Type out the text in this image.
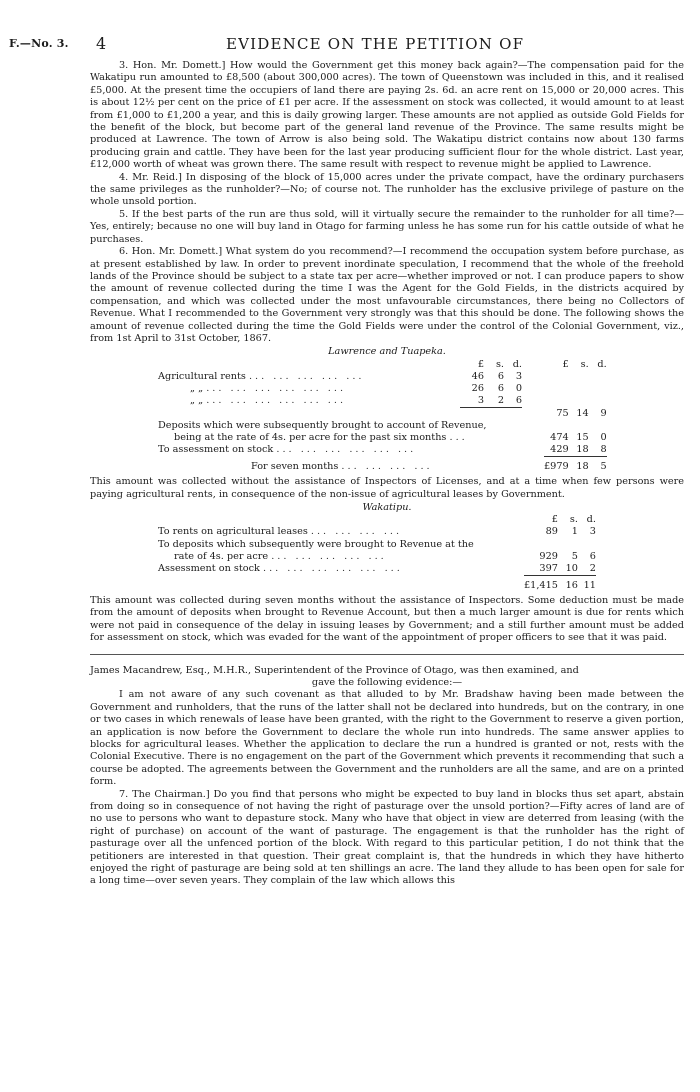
F.—No. 3. 4	EVIDENCE ON THE PETITION OF

3. Hon. Mr. Domett.] How would the Government get this money back again?—The compensation paid for the Wakatipu run amounted to £8,500 (about 300,000 acres). The town of Queenstown was included in this, and it realised £5,000. At the present time the occupiers of land there are paying 2s. 6d. an acre rent on 15,000 or 20,000 acres. This is about 12½ per cent on the price of £1 per acre. If the assessment on stock was collected, it would amount to at least from £1,000 to £1,200 a year, and this is daily growing larger. These amounts are not applied as outside Gold Fields for the benefit of the block, but become part of the general land revenue of the Province. The same results might be produced at Lawrence. The town of Arrow is also being sold. The Wakatipu district contains now about 130 farms producing grain and cattle. They have been for the last year producing sufficient flour for the whole district. Last year, £12,000 worth of wheat was grown there. The same result with respect to revenue might be applied to Lawrence.

4. Mr. Reid.] In disposing of the block of 15,000 acres under the private compact, have the ordinary purchasers the same privileges as the runholder?—No; of course not. The runholder has the exclusive privilege of pasture on the whole unsold portion.

5. If the best parts of the run are thus sold, will it virtually secure the remainder to the runholder for all time?—Yes, entirely; because no one will buy land in Otago for farming unless he has some run for his cattle outside of what he purchases.

6. Hon. Mr. Domett.] What system do you recommend?—I recommend the occupation system before purchase, as at present established by law. In order to prevent inordinate speculation, I recommend that the whole of the freehold lands of the Province should be subject to a state tax per acre—whether improved or not. I can produce papers to show the amount of revenue collected during the time I was the Agent for the Gold Fields, in the districts acquired by compensation, and which was collected under the most unfavourable circumstances, there being no Collectors of Revenue. What I recommended to the Government very strongly was that this should be done. The following shows the amount of revenue collected during the time the Gold Fields were under the control of the Colonial Government, viz., from 1st April to 31st October, 1867.

Lawrence and Tuapeka.
	£	s.	d.		£	s.	d.
Agricultural rents ... ... ... ... ...	46	6	3				
„ „ ... ... ... ... ... ...	26	6	0				
„ „ ... ... ... ... ... ...	3	2	6				
					75	14	9
Deposits which were subsequently brought to account of Revenue,							
being at the rate of 4s. per acre for the past six months ...					474	15	0
To assessment on stock ... ... ... ... ... ...					429	18	8
For seven months ... ... ... ...					£979	18	5

This amount was collected without the assistance of Inspectors of Licenses, and at a time when few persons were paying agricultural rents, in consequence of the non-issue of agricultural leases by Government.

Wakatipu.
	£	s.	d.
To rents on agricultural leases ... ... ... ...	89	1	3
To deposits which subsequently were brought to Revenue at the			
rate of 4s. per acre ... ... ... ... ...	929	5	6
Assessment on stock ... ... ... ... ... ...	397	10	2
	£1,415	16	11

This amount was collected during seven months without the assistance of Inspectors. Some deduction must be made from the amount of deposits when brought to Revenue Account, but then a much larger amount is due for rents which were not paid in consequence of the delay in issuing leases by Government; and a still further amount must be added for assessment on stock, which was evaded for the want of the appointment of proper officers to see that it was paid.

James Macandrew, Esq., M.H.R., Superintendent of the Province of Otago, was then examined, and

gave the following evidence:—

I am not aware of any such covenant as that alluded to by Mr. Bradshaw having been made between the Government and runholders, that the runs of the latter shall not be declared into hundreds, but on the contrary, in one or two cases in which renewals of lease have been granted, with the right to the Government to reserve a given portion, an application is now before the Government to declare the whole run into hundreds. The same answer applies to blocks for agricultural leases. Whether the application to declare the run a hundred is granted or not, rests with the Colonial Executive. There is no engagement on the part of the Government which prevents it recommending that such a course be adopted. The agreements between the Government and the runholders are all the same, and are on a printed form.

7. The Chairman.] Do you find that persons who might be expected to buy land in blocks thus set apart, abstain from doing so in consequence of not having the right of pasturage over the unsold portion?—Fifty acres of land are of no use to persons who want to depasture stock. Many who have that object in view are deterred from leasing (with the right of purchase) on account of the want of pasturage. The engagement is that the runholder has the right of pasturage over all the unfenced portion of the block. With regard to this particular petition, I do not think that the petitioners are interested in that question. Their great complaint is, that the hundreds in which they have hitherto enjoyed the right of pasturage are being sold at ten shillings an acre. The land they allude to has been open for sale for a long time—over seven years. They complain of the law which allows this
